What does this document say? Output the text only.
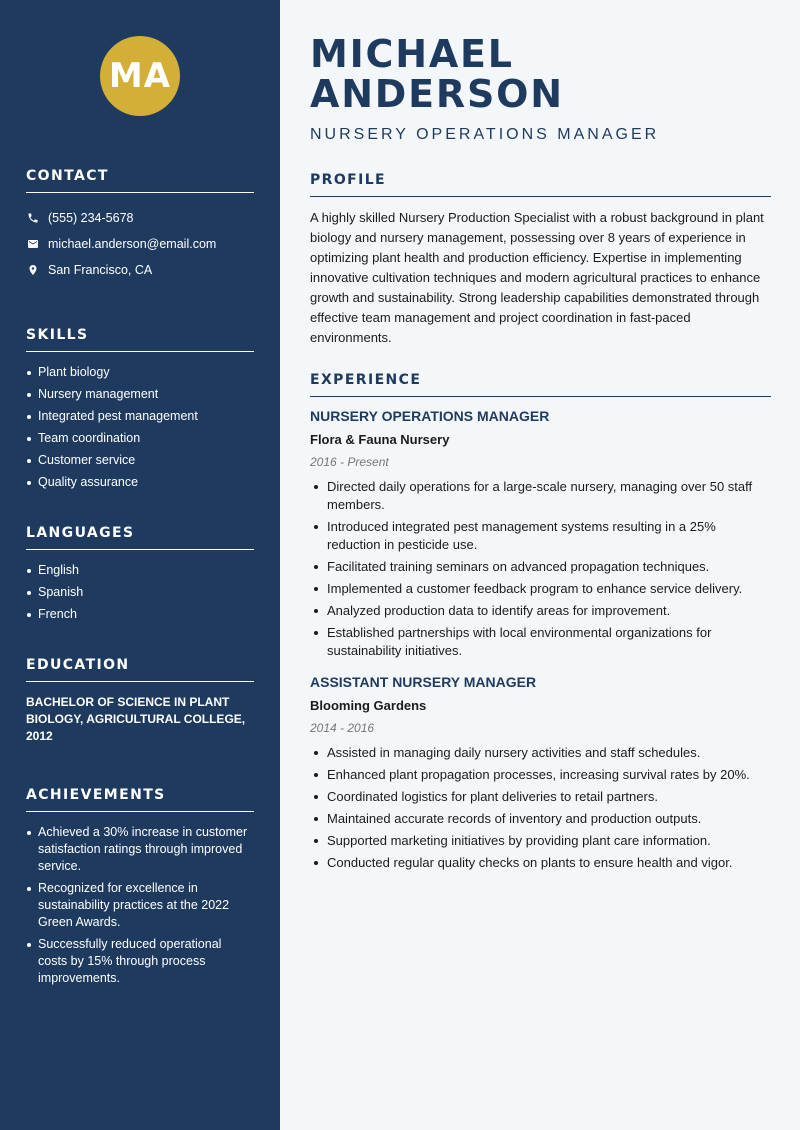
MA
CONTACT
(555) 234-5678
michael.anderson@email.com
San Francisco, CA
SKILLS
Plant biology
Nursery management
Integrated pest management
Team coordination
Customer service
Quality assurance
LANGUAGES
English
Spanish
French
EDUCATION

BACHELOR OF SCIENCE IN PLANT BIOLOGY, AGRICULTURAL COLLEGE, 2012

ACHIEVEMENTS
Achieved a 30% increase in customer satisfaction ratings through improved service.
Recognized for excellence in sustainability practices at the 2022 Green Awards.
Successfully reduced operational costs by 15% through process improvements.
MICHAEL ANDERSON
NURSERY OPERATIONS MANAGER
PROFILE

A highly skilled Nursery Production Specialist with a robust background in plant biology and nursery management, possessing over 8 years of experience in optimizing plant health and production efficiency. Expertise in implementing innovative cultivation techniques and modern agricultural practices to enhance growth and sustainability. Strong leadership capabilities demonstrated through effective team management and project coordination in fast-paced environments.

EXPERIENCE
NURSERY OPERATIONS MANAGER
Flora & Fauna Nursery
2016 - Present
Directed daily operations for a large-scale nursery, managing over 50 staff members.
Introduced integrated pest management systems resulting in a 25% reduction in pesticide use.
Facilitated training seminars on advanced propagation techniques.
Implemented a customer feedback program to enhance service delivery.
Analyzed production data to identify areas for improvement.
Established partnerships with local environmental organizations for sustainability initiatives.
ASSISTANT NURSERY MANAGER
Blooming Gardens
2014 - 2016
Assisted in managing daily nursery activities and staff schedules.
Enhanced plant propagation processes, increasing survival rates by 20%.
Coordinated logistics for plant deliveries to retail partners.
Maintained accurate records of inventory and production outputs.
Supported marketing initiatives by providing plant care information.
Conducted regular quality checks on plants to ensure health and vigor.
